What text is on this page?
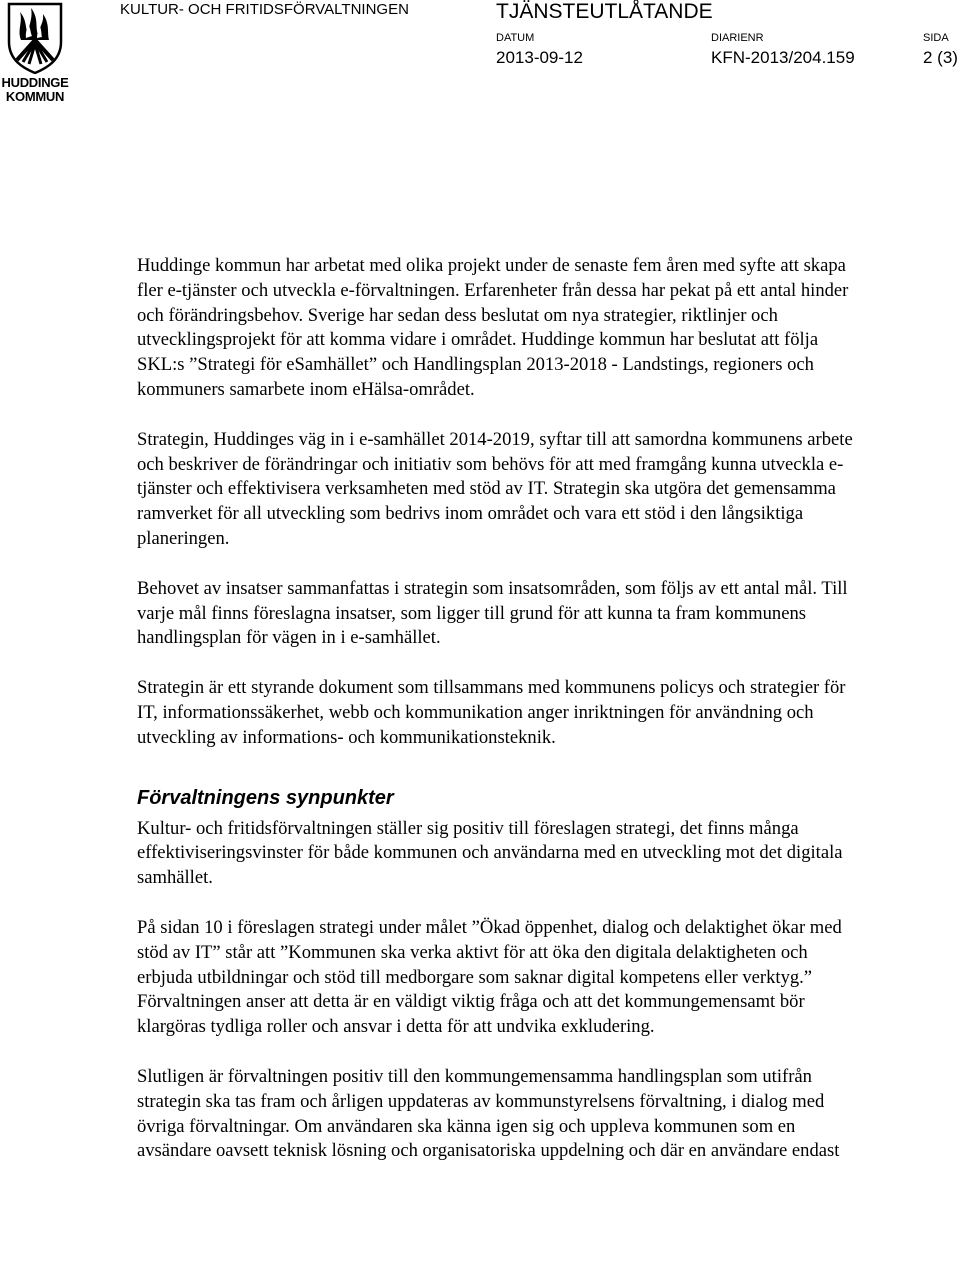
HUDDINGE
KOMMUN
KULTUR- OCH FRITIDSFÖRVALTNINGEN	TJÄNSTEUTLÅTANDE
DATUM
2013-09-12
DIARIENR
KFN-2013/204.159
SIDA
2 (3)

Huddinge kommun har arbetat med olika projekt under de senaste fem åren med syfte att skapa fler e-tjänster och utveckla e-förvaltningen. Erfarenheter från dessa har pekat på ett antal hinder och förändringsbehov. Sverige har sedan dess beslutat om nya strategier, riktlinjer och utvecklingsprojekt för att komma vidare i området. Huddinge kommun har beslutat att följa SKL:s ”Strategi för eSamhället” och Handlingsplan 2013-2018 - Landstings, regioners och kommuners samarbete inom eHälsa-området.

Strategin, Huddinges väg in i e-samhället 2014-2019, syftar till att samordna kommunens arbete och beskriver de förändringar och initiativ som behövs för att med framgång kunna utveckla e-tjänster och effektivisera verksamheten med stöd av IT. Strategin ska utgöra det gemensamma ramverket för all utveckling som bedrivs inom området och vara ett stöd i den långsiktiga planeringen.

Behovet av insatser sammanfattas i strategin som insatsområden, som följs av ett antal mål. Till varje mål finns föreslagna insatser, som ligger till grund för att kunna ta fram kommunens handlingsplan för vägen in i e-samhället.

Strategin är ett styrande dokument som tillsammans med kommunens policys och strategier för IT, informationssäkerhet, webb och kommunikation anger inriktningen för användning och utveckling av informations- och kommunikationsteknik.

Förvaltningens synpunkter

Kultur- och fritidsförvaltningen ställer sig positiv till föreslagen strategi, det finns många effektiviseringsvinster för både kommunen och användarna med en utveckling mot det digitala samhället.

På sidan 10 i föreslagen strategi under målet ”Ökad öppenhet, dialog och delaktighet ökar med stöd av IT” står att ”Kommunen ska verka aktivt för att öka den digitala delaktigheten och erbjuda utbildningar och stöd till medborgare som saknar digital kompetens eller verktyg.” Förvaltningen anser att detta är en väldigt viktig fråga och att det kommungemensamt bör klargöras tydliga roller och ansvar i detta för att undvika exkludering.

Slutligen är förvaltningen positiv till den kommungemensamma handlingsplan som utifrån strategin ska tas fram och årligen uppdateras av kommunstyrelsens förvaltning, i dialog med övriga förvaltningar. Om användaren ska känna igen sig och uppleva kommunen som en avsändare oavsett teknisk lösning och organisatoriska uppdelning och där en användare endast
